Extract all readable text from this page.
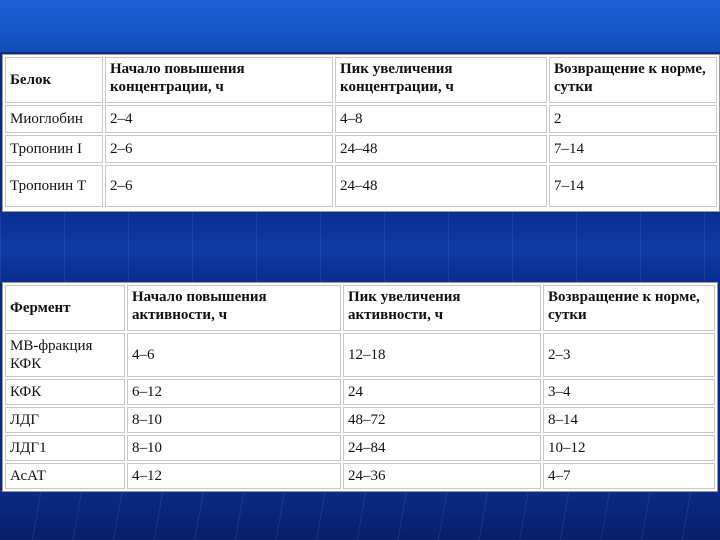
Белок	Начало повышения концентрации, ч	Пик увеличения концентрации, ч	Возвращение к норме, сутки
Миоглобин	2–4	4–8	2
Тропонин I	2–6	24–48	7–14
Тропонин Т	2–6	24–48	7–14
Фермент	Начало повышения активности, ч	Пик увеличения активности, ч	Возвращение к норме, сутки
МВ-фракция КФК	4–6	12–18	2–3
КФК	6–12	24	3–4
ЛДГ	8–10	48–72	8–14
ЛДГ1	8–10	24–84	10–12
АсАТ	4–12	24–36	4–7
